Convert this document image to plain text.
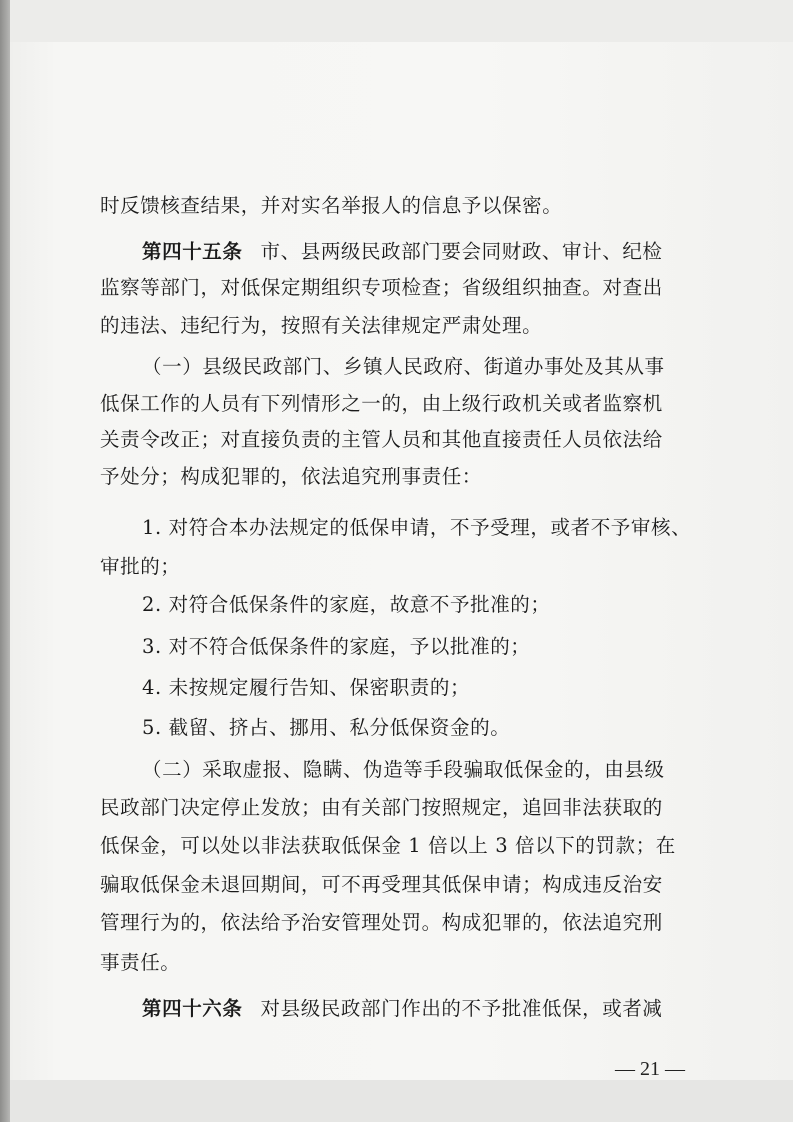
时反馈核查结果，并对实名举报人的信息予以保密。
第四十五条 市、县两级民政部门要会同财政、审计、纪检
监察等部门，对低保定期组织专项检查；省级组织抽查。对查出
的违法、违纪行为，按照有关法律规定严肃处理。
（一）县级民政部门、乡镇人民政府、街道办事处及其从事
低保工作的人员有下列情形之一的，由上级行政机关或者监察机
关责令改正；对直接负责的主管人员和其他直接责任人员依法给
予处分；构成犯罪的，依法追究刑事责任：
1. 对符合本办法规定的低保申请，不予受理，或者不予审核、
审批的；
2. 对符合低保条件的家庭，故意不予批准的；
3. 对不符合低保条件的家庭，予以批准的；
4. 未按规定履行告知、保密职责的；
5. 截留、挤占、挪用、私分低保资金的。
（二）采取虚报、隐瞒、伪造等手段骗取低保金的，由县级
民政部门决定停止发放；由有关部门按照规定，追回非法获取的
低保金，可以处以非法获取低保金 1 倍以上 3 倍以下的罚款；在
骗取低保金未退回期间，可不再受理其低保申请；构成违反治安
管理行为的，依法给予治安管理处罚。构成犯罪的，依法追究刑
事责任。
第四十六条 对县级民政部门作出的不予批准低保，或者减
— 21 —
